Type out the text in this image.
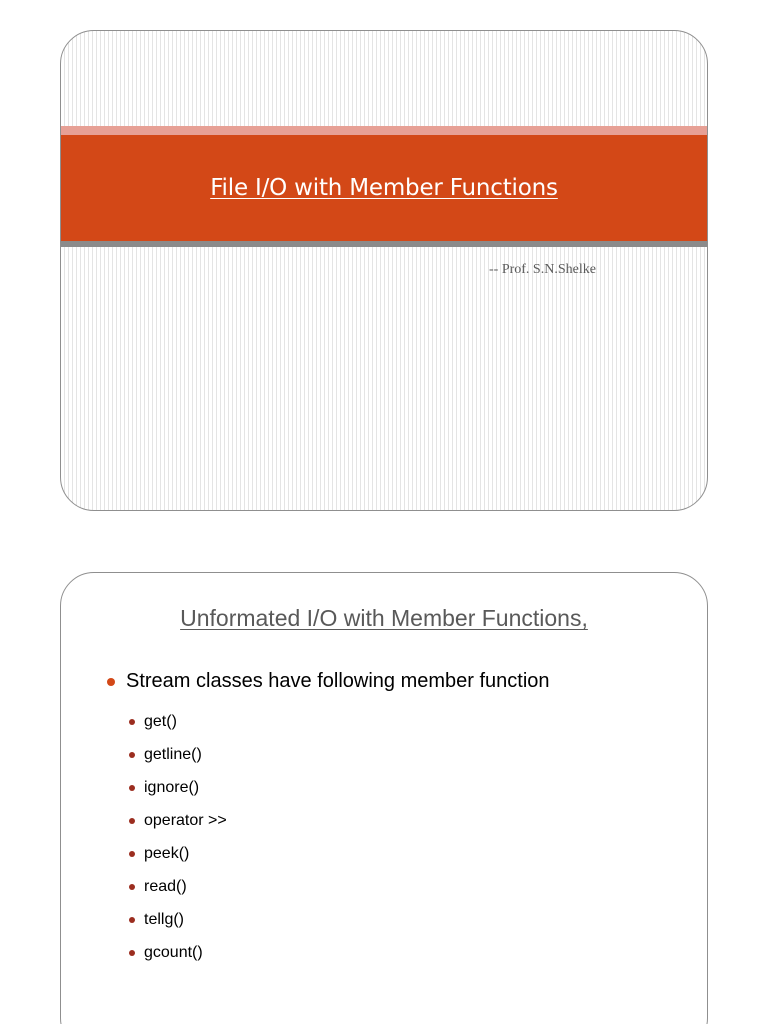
File I/O with Member Functions
-- Prof. S.N.Shelke
Unformated I/O with Member Functions,
Stream classes have following member function
get()
getline()
ignore()
operator >>
peek()
read()
tellg()
gcount()
